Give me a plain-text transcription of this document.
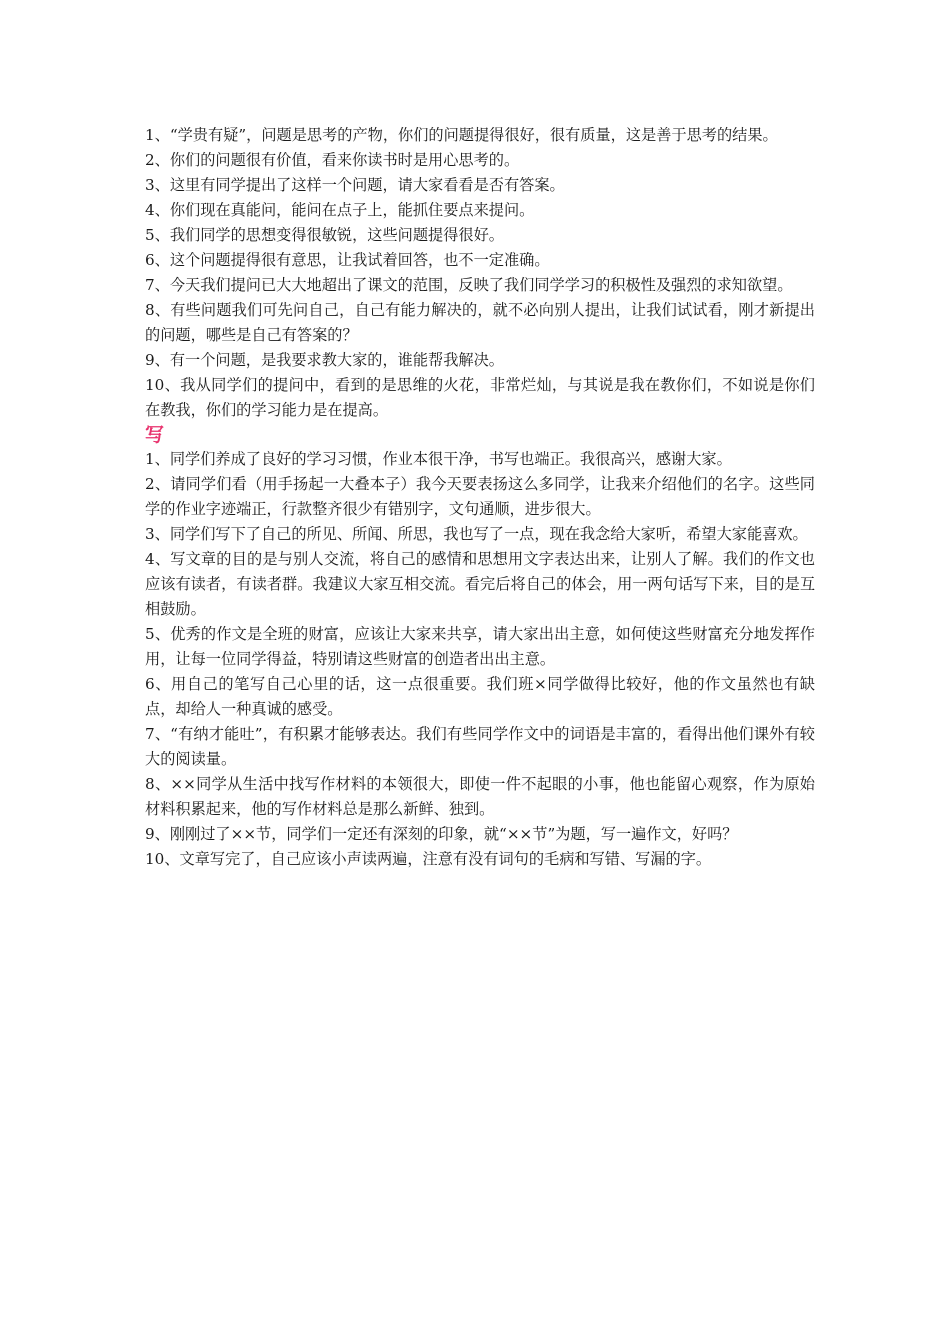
1、“学贵有疑”，问题是思考的产物，你们的问题提得很好，很有质量，这是善于思考的结果。

2、你们的问题很有价值，看来你读书时是用心思考的。

3、这里有同学提出了这样一个问题，请大家看看是否有答案。

4、你们现在真能问，能问在点子上，能抓住要点来提问。

5、我们同学的思想变得很敏锐，这些问题提得很好。

6、这个问题提得很有意思，让我试着回答，也不一定准确。

7、今天我们提问已大大地超出了课文的范围，反映了我们同学学习的积极性及强烈的求知欲望。

8、有些问题我们可先问自己，自己有能力解决的，就不必向别人提出，让我们试试看，刚才新提出的问题，哪些是自己有答案的？

9、有一个问题，是我要求教大家的，谁能帮我解决。

10、我从同学们的提问中，看到的是思维的火花，非常烂灿，与其说是我在教你们，不如说是你们在教我，你们的学习能力是在提高。

写

1、同学们养成了良好的学习习惯，作业本很干净，书写也端正。我很高兴，感谢大家。

2、请同学们看（用手扬起一大叠本子）我今天要表扬这么多同学，让我来介绍他们的名字。这些同学的作业字迹端正，行款整齐很少有错别字，文句通顺，进步很大。

3、同学们写下了自己的所见、所闻、所思，我也写了一点，现在我念给大家听，希望大家能喜欢。

4、写文章的目的是与别人交流，将自己的感情和思想用文字表达出来，让别人了解。我们的作文也应该有读者，有读者群。我建议大家互相交流。看完后将自己的体会，用一两句话写下来，目的是互相鼓励。

5、优秀的作文是全班的财富，应该让大家来共享，请大家出出主意，如何使这些财富充分地发挥作用，让每一位同学得益，特别请这些财富的创造者出出主意。

6、用自己的笔写自己心里的话，这一点很重要。我们班×同学做得比较好，他的作文虽然也有缺点，却给人一种真诚的感受。

7、“有纳才能吐”，有积累才能够表达。我们有些同学作文中的词语是丰富的，看得出他们课外有较大的阅读量。

8、××同学从生活中找写作材料的本领很大，即使一件不起眼的小事，他也能留心观察，作为原始材料积累起来，他的写作材料总是那么新鲜、独到。

9、刚刚过了××节，同学们一定还有深刻的印象，就“××节”为题，写一遍作文，好吗？

10、文章写完了，自己应该小声读两遍，注意有没有词句的毛病和写错、写漏的字。
